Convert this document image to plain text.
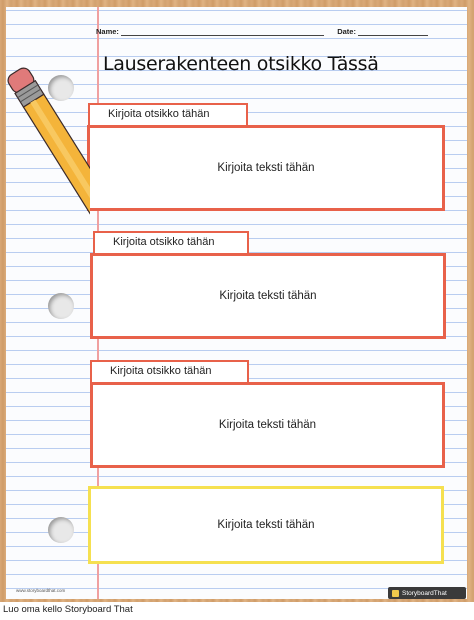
Name:	Date:
Lauserakenteen otsikko Tässä
Kirjoita otsikko tähän
Kirjoita teksti tähän
Kirjoita otsikko tähän
Kirjoita teksti tähän
Kirjoita otsikko tähän
Kirjoita teksti tähän
Kirjoita teksti tähän
www.storyboardthat.com	StoryboardThat
Luo oma kello Storyboard That
